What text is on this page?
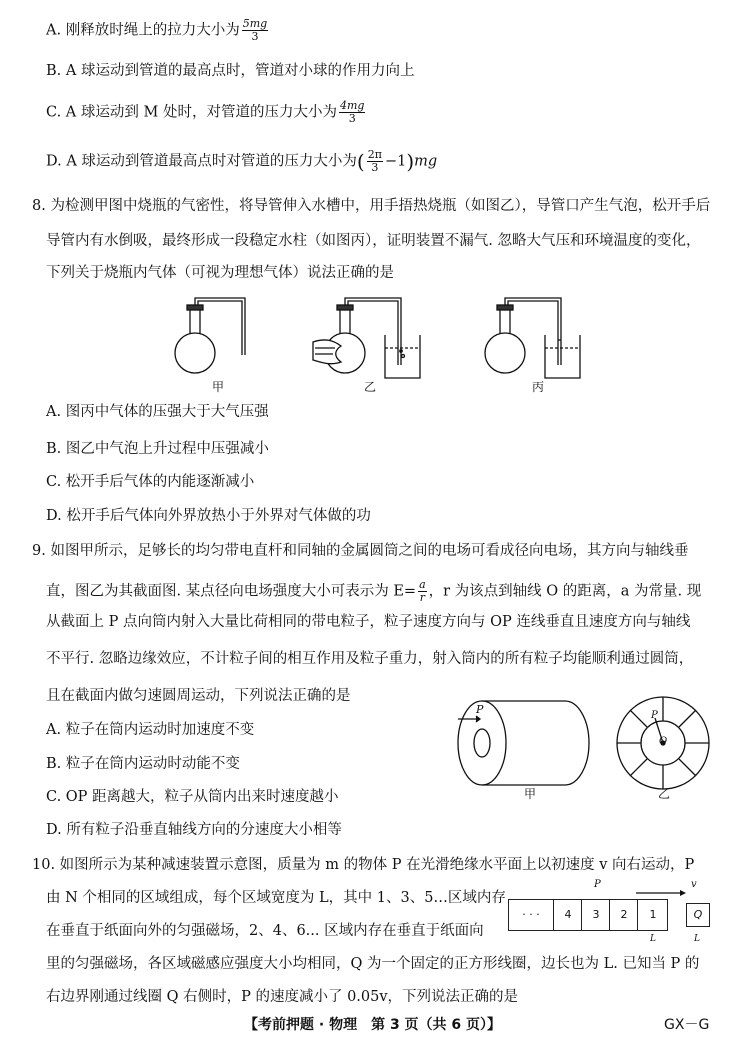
A. 刚释放时绳上的拉力大小为 $\frac{5mg}{3}$
B. A 球运动到管道的最高点时，管道对小球的作用力向上
C. A 球运动到 M 处时，对管道的压力大小为 $\frac{4mg}{3}$
D. A 球运动到管道最高点时对管道的压力大小为( $\frac{2\pi}{3} -1)mg$
8. 为检测甲图中烧瓶的气密性，将导管伸入水槽中，用手捂热烧瓶（如图乙），导管口产生气泡，松开手后
导管内有水倒吸，最终形成一段稳定水柱（如图丙），证明装置不漏气. 忽略大气压和环境温度的变化，
下列关于烧瓶内气体（可视为理想气体）说法正确的是
甲	乙	丙
A. 图丙中气体的压强大于大气压强
B. 图乙中气泡上升过程中压强减小
C. 松开手后气体的内能逐渐减小
D. 松开手后气体向外界放热小于外界对气体做的功
9. 如图甲所示，足够长的均匀带电直杆和同轴的金属圆筒之间的电场可看成径向电场，其方向与轴线垂
直，图乙为其截面图. 某点径向电场强度大小可表示为 $E= \frac{a}{r}$ ，r 为该点到轴线 O 的距离，a 为常量. 现
从截面上 P 点向筒内射入大量比荷相同的带电粒子，粒子速度方向与 OP 连线垂直且速度方向与轴线
不平行. 忽略边缘效应，不计粒子间的相互作用及粒子重力，射入筒内的所有粒子均能顺利通过圆筒，
且在截面内做匀速圆周运动，下列说法正确的是
A. 粒子在筒内运动时加速度不变
B. 粒子在筒内运动时动能不变
C. OP 距离越大，粒子从筒内出来时速度越小
D. 所有粒子沿垂直轴线方向的分速度大小相等
P	P
O
甲	乙
10. 如图所示为某种减速装置示意图，质量为 m 的物体 P 在光滑绝缘水平面上以初速度 v 向右运动，P
由 N 个相同的区域组成，每个区域宽度为 L，其中 1、3、5…区域内存
在垂直于纸面向外的匀强磁场，2、4、6... 区域内存在垂直于纸面向
里的匀强磁场，各区域磁感应强度大小均相同，Q 为一个固定的正方形线圈，边长也为 L. 已知当 P 的
右边界刚通过线圈 Q 右侧时，P 的速度减小了 0.05v，下列说法正确的是
P	v
· · ·	4	3	2	1	Q
L	L
【考前押题 · 物理　第 3 页（共 6 页）】	GX－G
